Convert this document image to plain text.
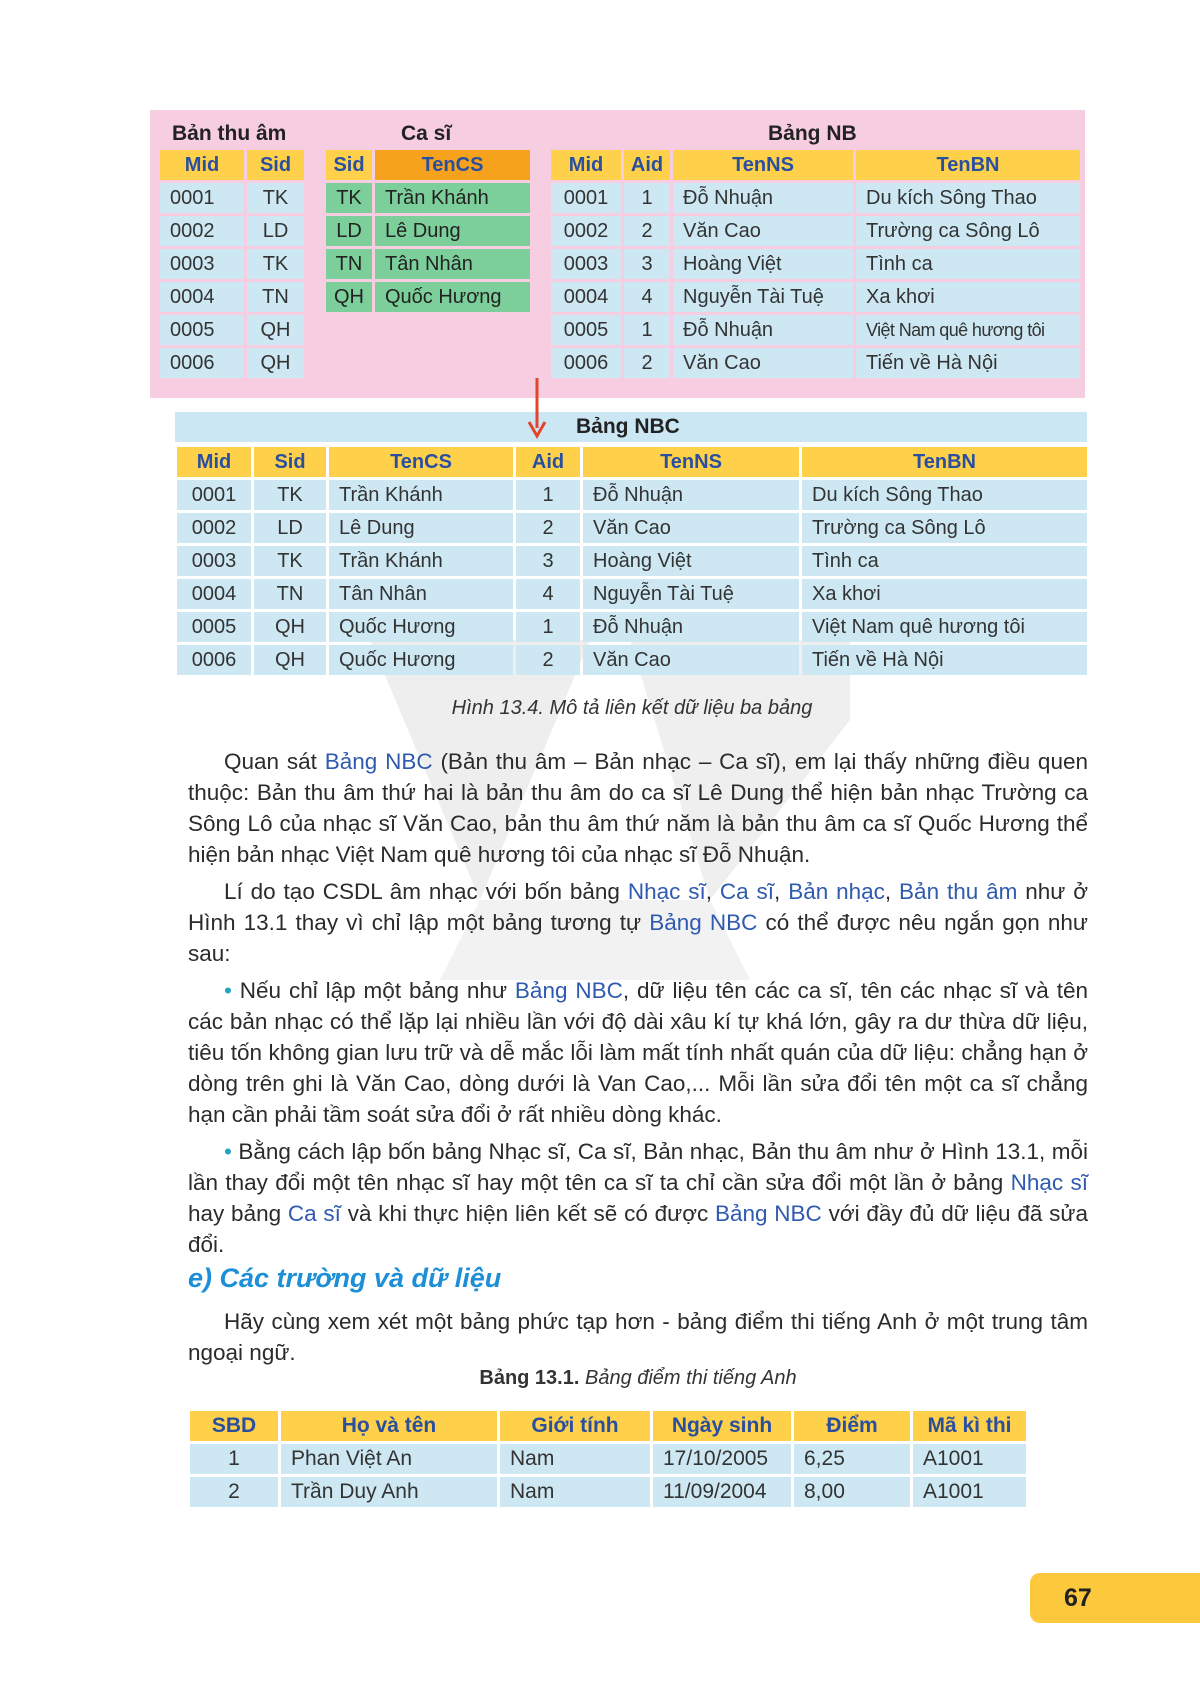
Bản thu âm	Ca sĩ	Bảng NB
Mid	Sid
0001	TK
0002	LD
0003	TK
0004	TN
0005	QH
0006	QH
Sid	TenCS
TK	Trần Khánh
LD	Lê Dung
TN	Tân Nhân
QH	Quốc Hương
Mid	Aid	TenNS	TenBN
0001	1	Đỗ Nhuận	Du kích Sông Thao
0002	2	Văn Cao	Trường ca Sông Lô
0003	3	Hoàng Việt	Tình ca
0004	4	Nguyễn Tài Tuệ	Xa khơi
0005	1	Đỗ Nhuận	Việt Nam quê hương tôi
0006	2	Văn Cao	Tiến về Hà Nội
Bảng NBC
Mid	Sid	TenCS	Aid	TenNS	TenBN
0001	TK	Trần Khánh	1	Đỗ Nhuận	Du kích Sông Thao
0002	LD	Lê Dung	2	Văn Cao	Trường ca Sông Lô
0003	TK	Trần Khánh	3	Hoàng Việt	Tình ca
0004	TN	Tân Nhân	4	Nguyễn Tài Tuệ	Xa khơi
0005	QH	Quốc Hương	1	Đỗ Nhuận	Việt Nam quê hương tôi
0006	QH	Quốc Hương	2	Văn Cao	Tiến về Hà Nội
Hình 13.4. Mô tả liên kết dữ liệu ba bảng

Quan sát Bảng NBC (Bản thu âm – Bản nhạc – Ca sĩ), em lại thấy những điều quen thuộc: Bản thu âm thứ hai là bản thu âm do ca sĩ Lê Dung thể hiện bản nhạc Trường ca Sông Lô của nhạc sĩ Văn Cao, bản thu âm thứ năm là bản thu âm ca sĩ Quốc Hương thể hiện bản nhạc Việt Nam quê hương tôi của nhạc sĩ Đỗ Nhuận.

Lí do tạo CSDL âm nhạc với bốn bảng Nhạc sĩ, Ca sĩ, Bản nhạc, Bản thu âm như ở Hình 13.1 thay vì chỉ lập một bảng tương tự Bảng NBC có thể được nêu ngắn gọn như sau:

• Nếu chỉ lập một bảng như Bảng NBC, dữ liệu tên các ca sĩ, tên các nhạc sĩ và tên các bản nhạc có thể lặp lại nhiều lần với độ dài xâu kí tự khá lớn, gây ra dư thừa dữ liệu, tiêu tốn không gian lưu trữ và dễ mắc lỗi làm mất tính nhất quán của dữ liệu: chẳng hạn ở dòng trên ghi là Văn Cao, dòng dưới là Van Cao,... Mỗi lần sửa đổi tên một ca sĩ chẳng hạn cần phải tầm soát sửa đổi ở rất nhiều dòng khác.

• Bằng cách lập bốn bảng Nhạc sĩ, Ca sĩ, Bản nhạc, Bản thu âm như ở Hình 13.1, mỗi lần thay đổi một tên nhạc sĩ hay một tên ca sĩ ta chỉ cần sửa đổi một lần ở bảng Nhạc sĩ hay bảng Ca sĩ và khi thực hiện liên kết sẽ có được Bảng NBC với đầy đủ dữ liệu đã sửa đổi.

e) Các trường và dữ liệu

Hãy cùng xem xét một bảng phức tạp hơn - bảng điểm thi tiếng Anh ở một trung tâm ngoại ngữ.

Bảng 13.1. Bảng điểm thi tiếng Anh
SBD	Họ và tên	Giới tính	Ngày sinh	Điểm	Mã kì thi
1	Phan Việt An	Nam	17/10/2005	6,25	A1001
2	Trần Duy Anh	Nam	11/09/2004	8,00	A1001
67
